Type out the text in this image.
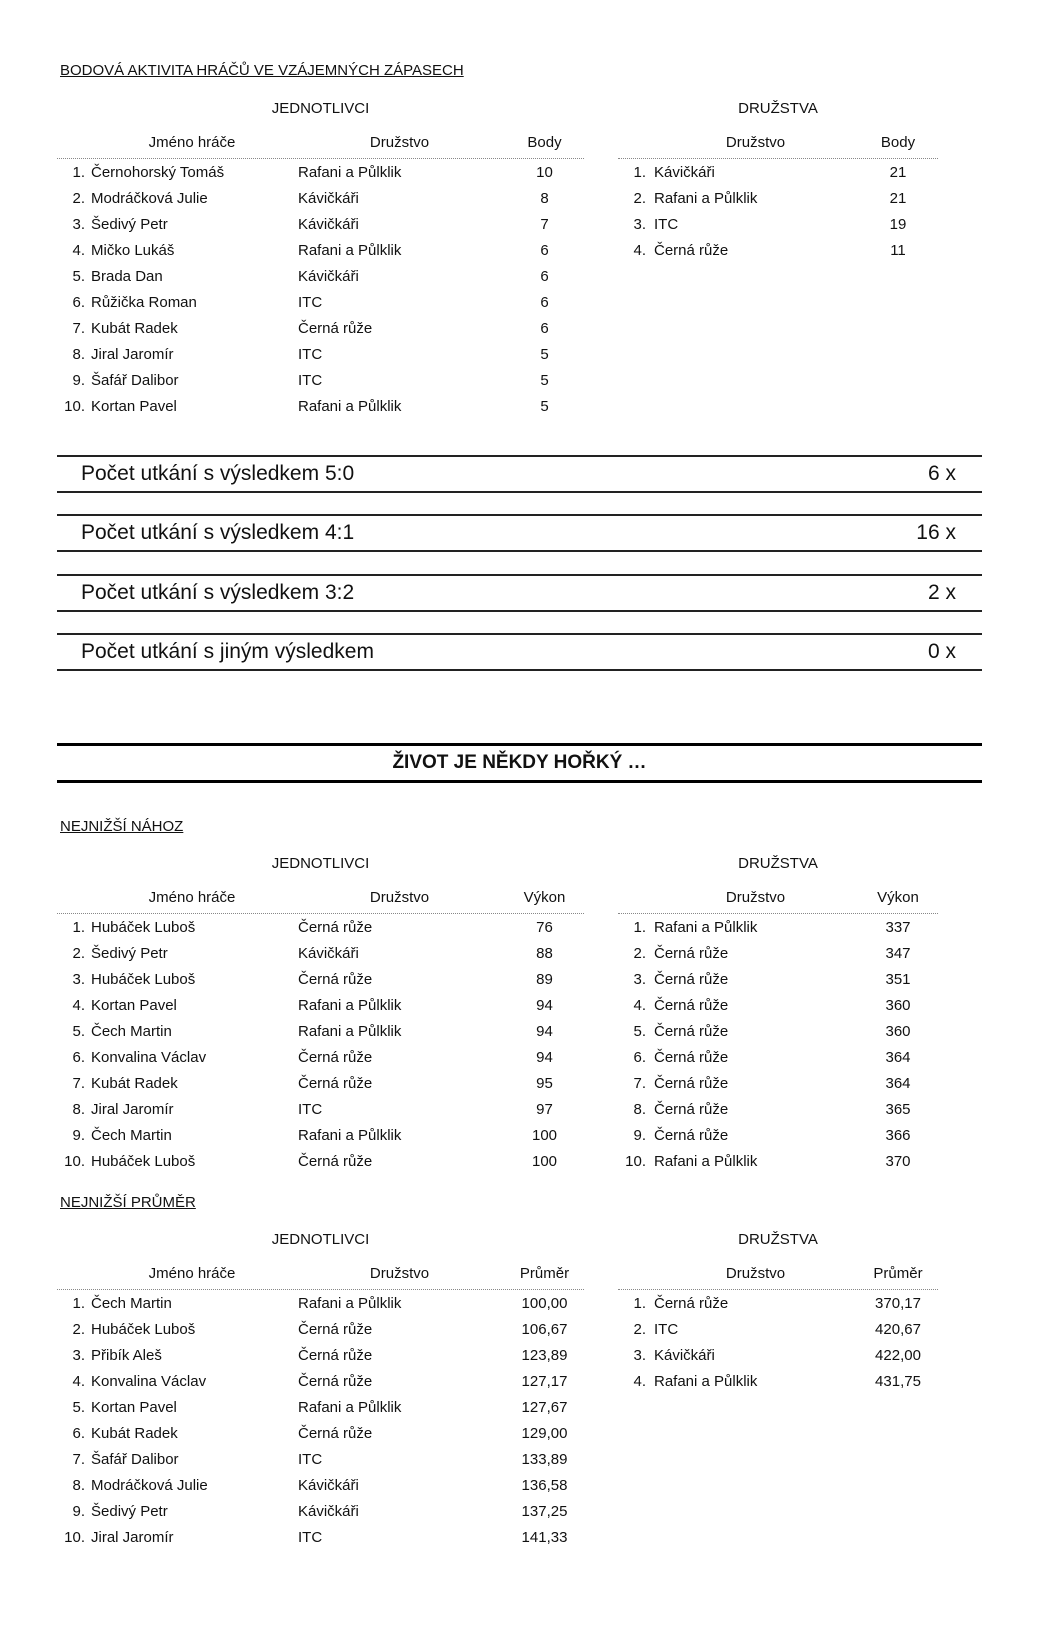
BODOVÁ AKTIVITA HRÁČŮ VE VZÁJEMNÝCH ZÁPASECH
JEDNOTLIVCI	DRUŽSTVA
Jméno hráče	Družstvo	Body
1. Černohorský Tomáš	Rafani a Půlklik	10
2. Modráčková Julie	Kávičkáři	8
3. Šedivý Petr	Kávičkáři	7
4. Mičko Lukáš	Rafani a Půlklik	6
5. Brada Dan	Kávičkáři	6
6. Růžička Roman	ITC	6
7. Kubát Radek	Černá růže	6
8. Jiral Jaromír	ITC	5
9. Šafář Dalibor	ITC	5
10. Kortan Pavel	Rafani a Půlklik	5
Družstvo	Body
1. Kávičkáři	21
2. Rafani a Půlklik	21
3. ITC	19
4. Černá růže	11
Počet utkání s výsledkem 5:0	6 x
Počet utkání s výsledkem 4:1	16 x
Počet utkání s výsledkem 3:2	2 x
Počet utkání s jiným výsledkem	0 x
ŽIVOT JE NĚKDY HOŘKÝ …
NEJNIŽŠÍ NÁHOZ
JEDNOTLIVCI	DRUŽSTVA
Jméno hráče	Družstvo	Výkon
1. Hubáček Luboš	Černá růže	76
2. Šedivý Petr	Kávičkáři	88
3. Hubáček Luboš	Černá růže	89
4. Kortan Pavel	Rafani a Půlklik	94
5. Čech Martin	Rafani a Půlklik	94
6. Konvalina Václav	Černá růže	94
7. Kubát Radek	Černá růže	95
8. Jiral Jaromír	ITC	97
9. Čech Martin	Rafani a Půlklik	100
10. Hubáček Luboš	Černá růže	100
Družstvo	Výkon
1. Rafani a Půlklik	337
2. Černá růže	347
3. Černá růže	351
4. Černá růže	360
5. Černá růže	360
6. Černá růže	364
7. Černá růže	364
8. Černá růže	365
9. Černá růže	366
10. Rafani a Půlklik	370
NEJNIŽŠÍ PRŮMĚR
JEDNOTLIVCI	DRUŽSTVA
Jméno hráče	Družstvo	Průměr
1. Čech Martin	Rafani a Půlklik	100,00
2. Hubáček Luboš	Černá růže	106,67
3. Přibík Aleš	Černá růže	123,89
4. Konvalina Václav	Černá růže	127,17
5. Kortan Pavel	Rafani a Půlklik	127,67
6. Kubát Radek	Černá růže	129,00
7. Šafář Dalibor	ITC	133,89
8. Modráčková Julie	Kávičkáři	136,58
9. Šedivý Petr	Kávičkáři	137,25
10. Jiral Jaromír	ITC	141,33
Družstvo	Průměr
1. Černá růže	370,17
2. ITC	420,67
3. Kávičkáři	422,00
4. Rafani a Půlklik	431,75
